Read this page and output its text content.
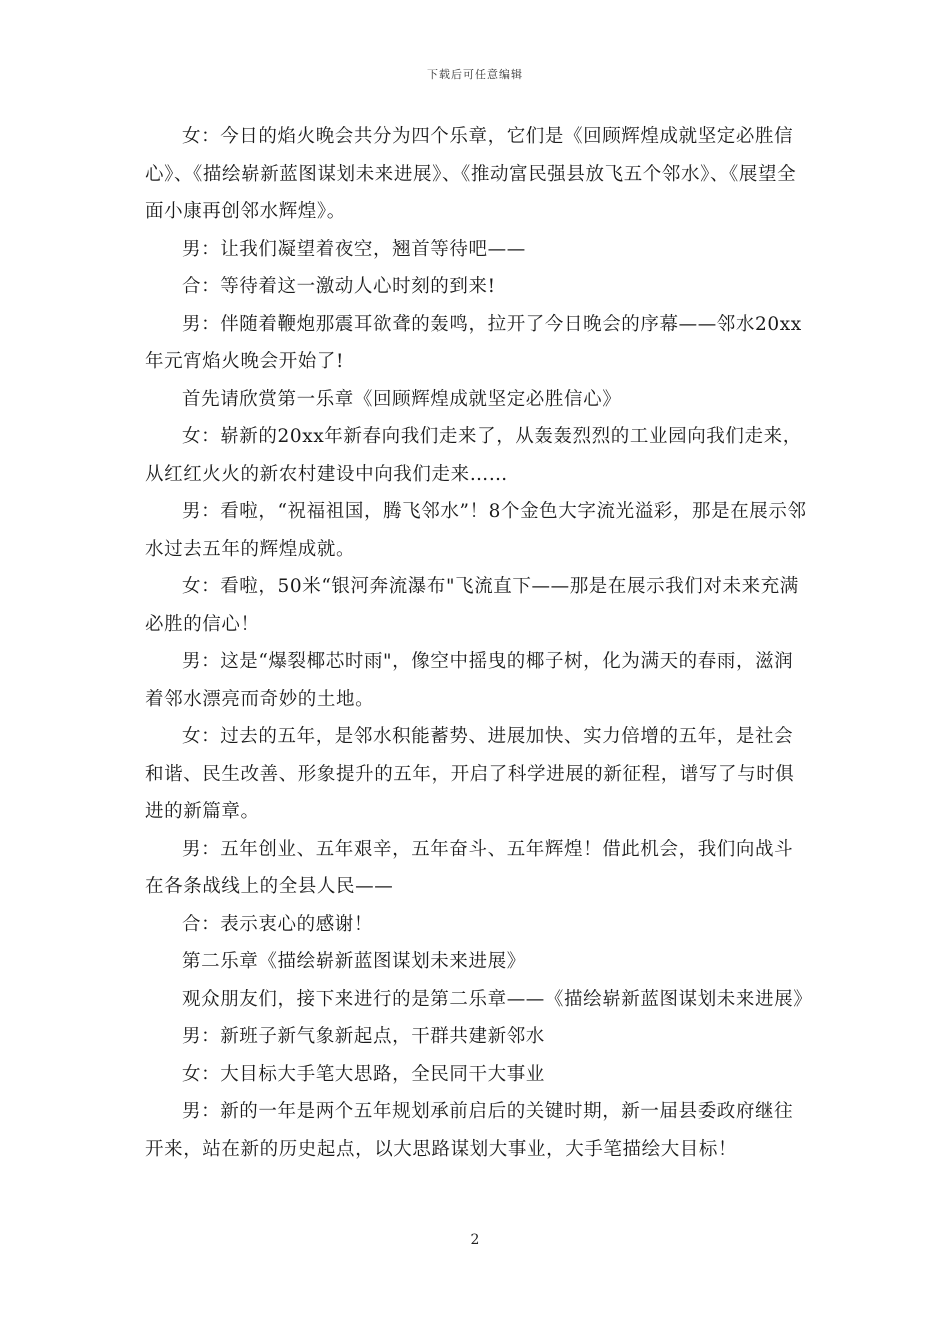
下载后可任意编辑

女：今日的焰火晚会共分为四个乐章，它们是《回顾辉煌成就坚定必胜信心》、《描绘崭新蓝图谋划未来进展》、《推动富民强县放飞五个邻水》、《展望全面小康再创邻水辉煌》。

男：让我们凝望着夜空，翘首等待吧——

合：等待着这一激动人心时刻的到来!

男：伴随着鞭炮那震耳欲聋的轰鸣，拉开了今日晚会的序幕——邻水20xx年元宵焰火晚会开始了!

首先请欣赏第一乐章《回顾辉煌成就坚定必胜信心》

女：崭新的20xx年新春向我们走来了，从轰轰烈烈的工业园向我们走来，从红红火火的新农村建设中向我们走来……

男：看啦，“祝福祖国，腾飞邻水”！8个金色大字流光溢彩，那是在展示邻水过去五年的辉煌成就。

女：看啦，50米“银河奔流瀑布"飞流直下——那是在展示我们对未来充满必胜的信心！

男：这是“爆裂椰芯时雨"，像空中摇曳的椰子树，化为满天的春雨，滋润着邻水漂亮而奇妙的土地。

女：过去的五年，是邻水积能蓄势、进展加快、实力倍增的五年，是社会和谐、民生改善、形象提升的五年，开启了科学进展的新征程，谱写了与时俱进的新篇章。

男：五年创业、五年艰辛，五年奋斗、五年辉煌！借此机会，我们向战斗在各条战线上的全县人民——

合：表示衷心的感谢！

第二乐章《描绘崭新蓝图谋划未来进展》

观众朋友们，接下来进行的是第二乐章——《描绘崭新蓝图谋划未来进展》

男：新班子新气象新起点，干群共建新邻水

女：大目标大手笔大思路，全民同干大事业

男：新的一年是两个五年规划承前启后的关键时期，新一届县委政府继往开来，站在新的历史起点，以大思路谋划大事业，大手笔描绘大目标！

2
